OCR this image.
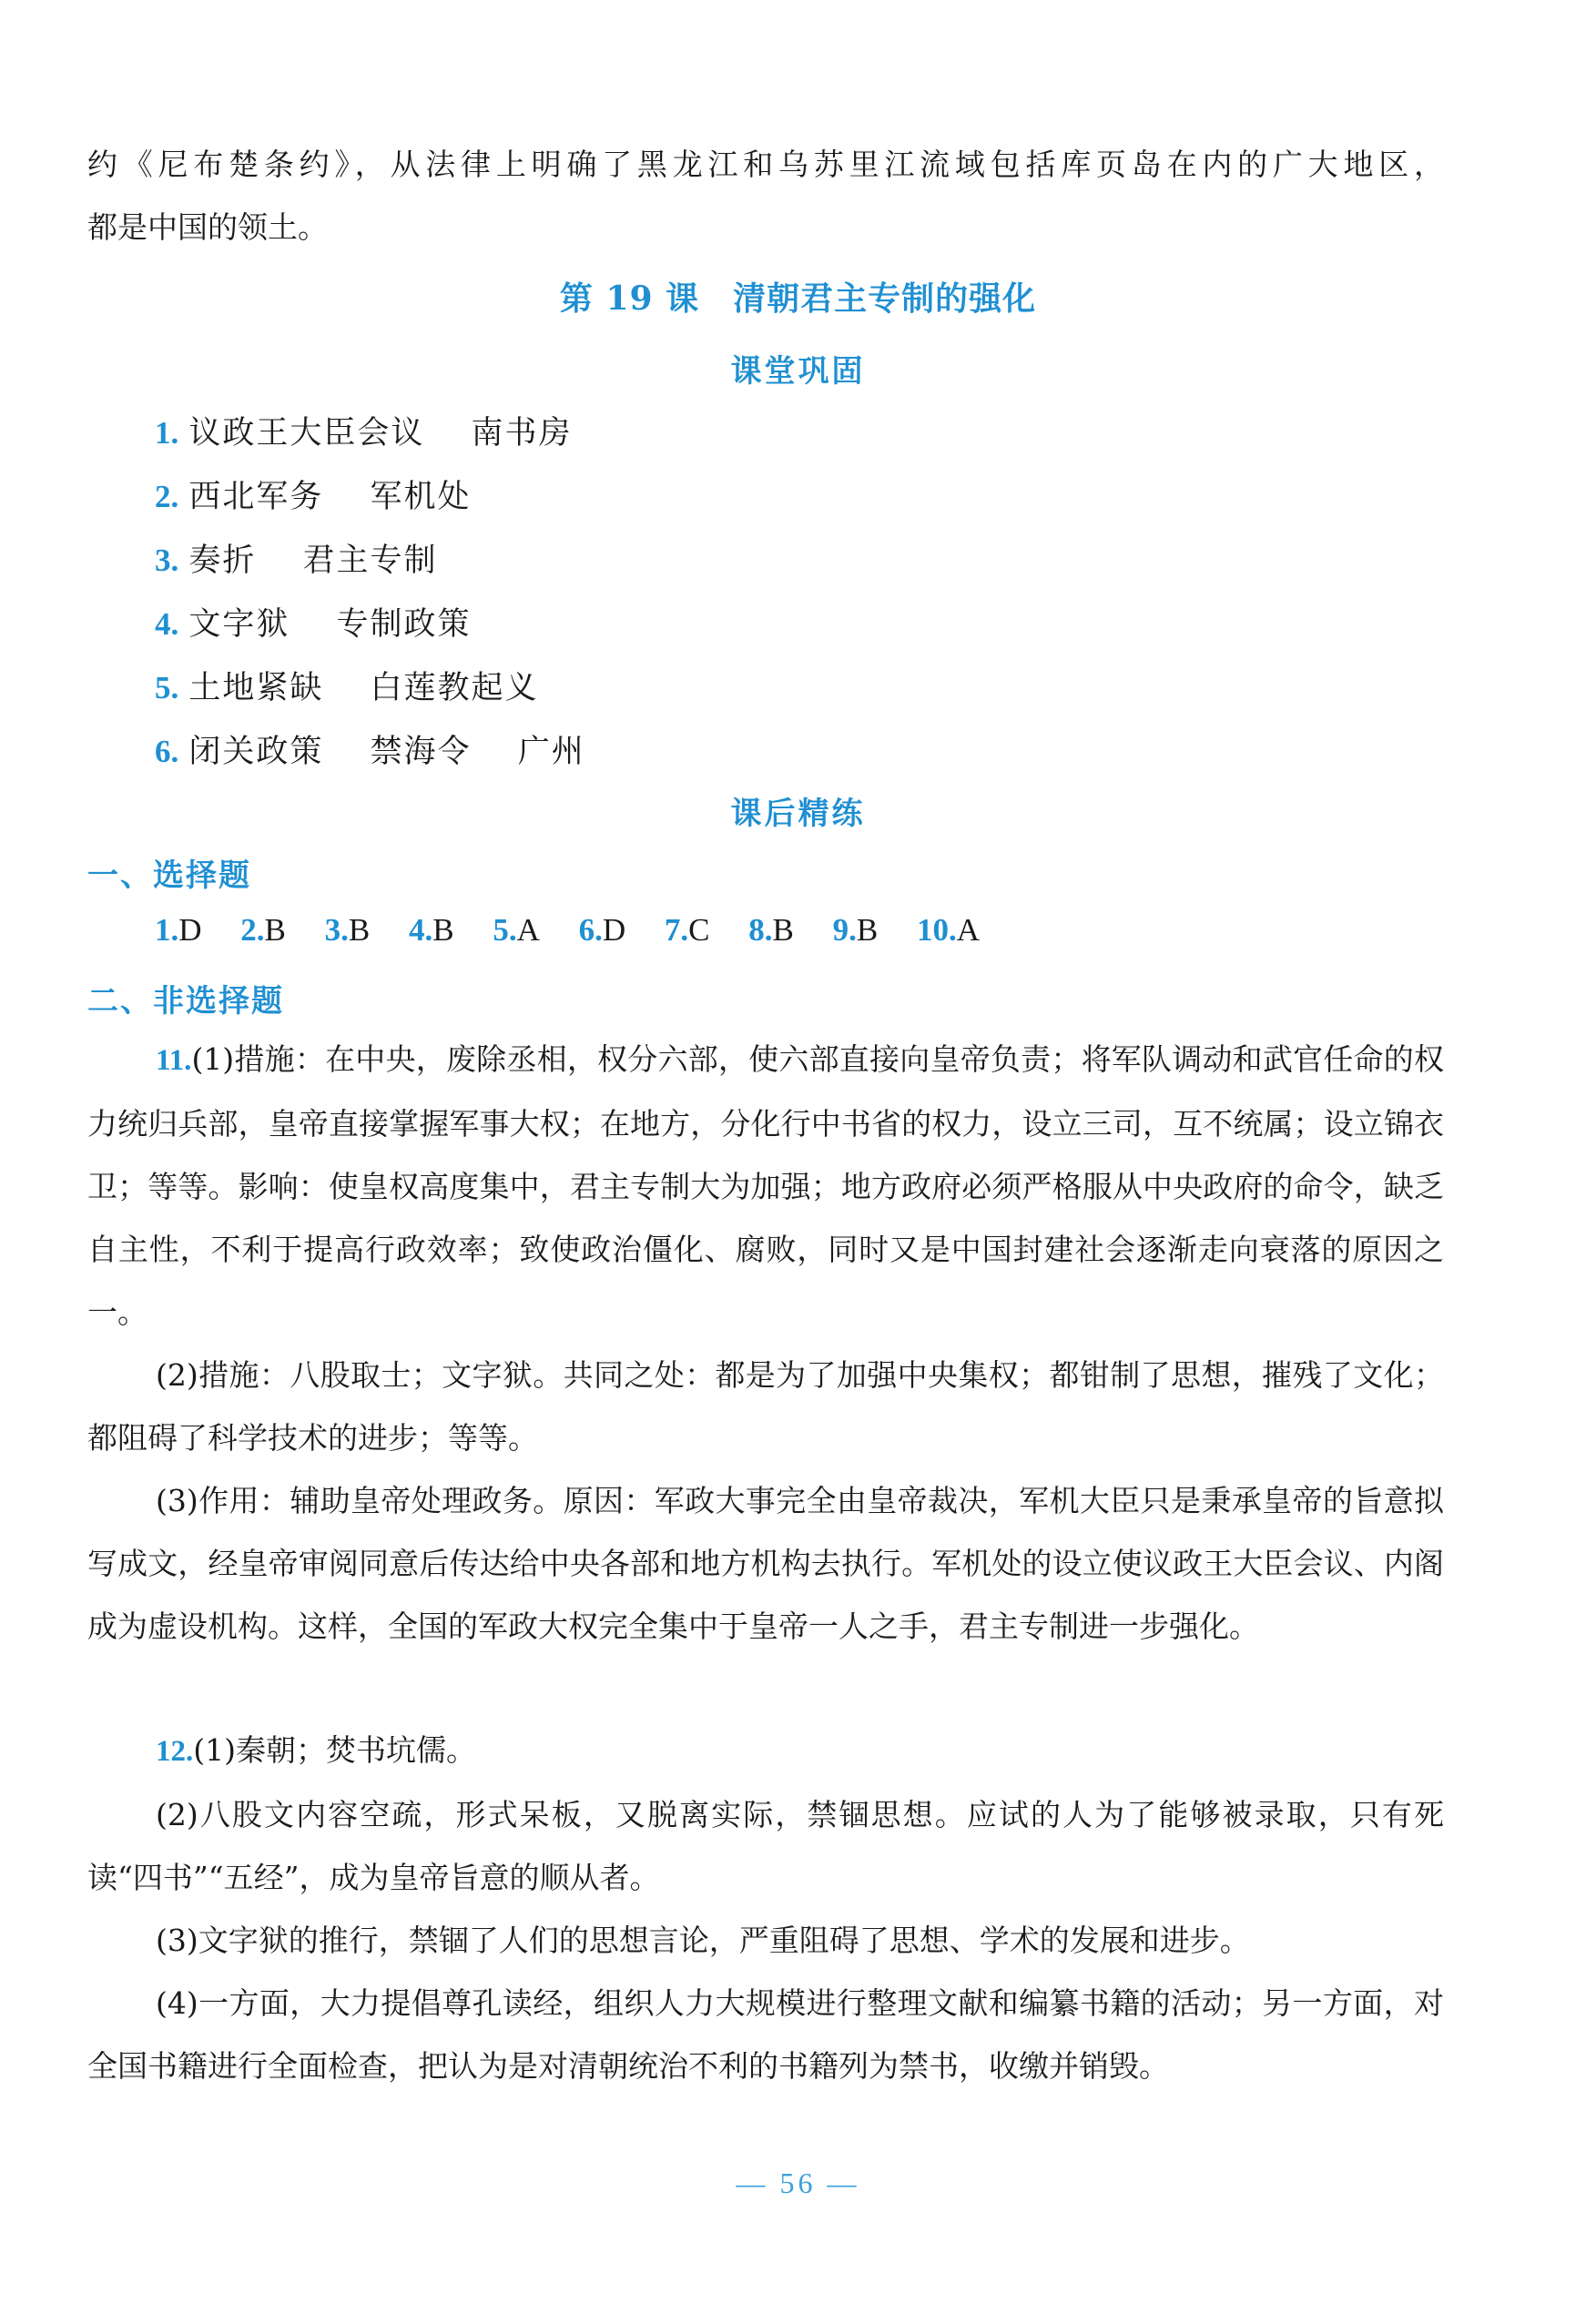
约《尼布楚条约》，从法律上明确了黑龙江和乌苏里江流域包括库页岛在内的广大地区，

都是中国的领土。

第 19 课　清朝君主专制的强化
课堂巩固
1. 议政王大臣会议 南书房
2. 西北军务 军机处
3. 奏折 君主专制
4. 文字狱 专制政策
5. 土地紧缺 白莲教起义
6. 闭关政策 禁海令 广州
课后精练
一、选择题
1.D 2.B 3.B 4.B 5.A 6.D 7.C 8.B 9.B 10.A
二、非选择题

11.(1)措施：在中央，废除丞相，权分六部，使六部直接向皇帝负责；将军队调动和武官任命的权力统归兵部，皇帝直接掌握军事大权；在地方，分化行中书省的权力，设立三司，互不统属；设立锦衣卫；等等。影响：使皇权高度集中，君主专制大为加强；地方政府必须严格服从中央政府的命令，缺乏自主性，不利于提高行政效率；致使政治僵化、腐败，同时又是中国封建社会逐渐走向衰落的原因之一。

(2)措施：八股取士；文字狱。共同之处：都是为了加强中央集权；都钳制了思想，摧残了文化；都阻碍了科学技术的进步；等等。

(3)作用：辅助皇帝处理政务。原因：军政大事完全由皇帝裁决，军机大臣只是秉承皇帝的旨意拟写成文，经皇帝审阅同意后传达给中央各部和地方机构去执行。军机处的设立使议政王大臣会议、内阁成为虚设机构。这样，全国的军政大权完全集中于皇帝一人之手，君主专制进一步强化。

12.(1)秦朝；焚书坑儒。

(2)八股文内容空疏，形式呆板，又脱离实际，禁锢思想。应试的人为了能够被录取，只有死读“四书”“五经”，成为皇帝旨意的顺从者。

(3)文字狱的推行，禁锢了人们的思想言论，严重阻碍了思想、学术的发展和进步。

(4)一方面，大力提倡尊孔读经，组织人力大规模进行整理文献和编纂书籍的活动；另一方面，对全国书籍进行全面检查，把认为是对清朝统治不利的书籍列为禁书，收缴并销毁。

— 56 —
